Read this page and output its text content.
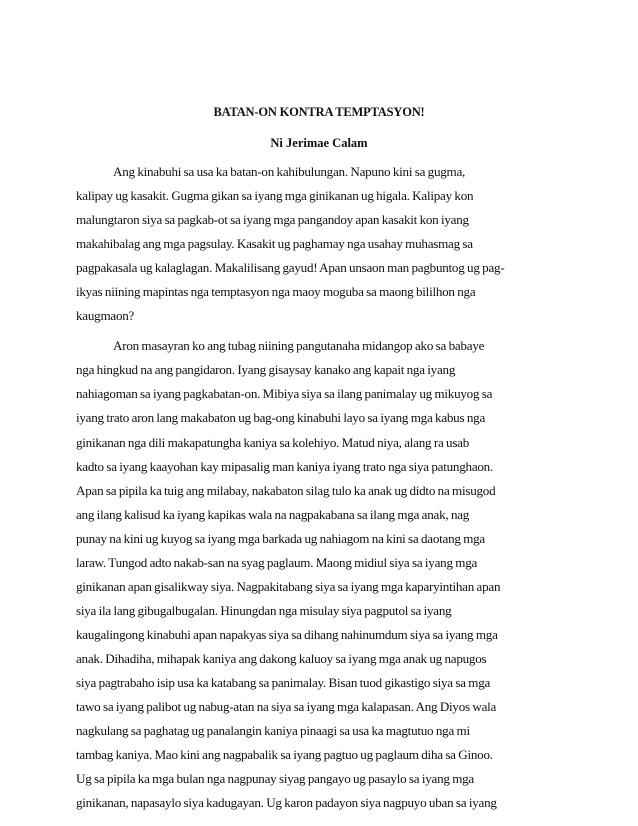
BATAN-ON KONTRA TEMPTASYON!
Ni Jerimae Calam
Ang kinabuhi sa usa ka batan-on kahibulungan. Napuno kini sa gugma,
kalipay ug kasakit. Gugma gikan sa iyang mga ginikanan ug higala. Kalipay kon
malungtaron siya sa pagkab-ot sa iyang mga pangandoy apan kasakit kon iyang
makahibalag ang mga pagsulay. Kasakit ug paghamay nga usahay muhasmag sa
pagpakasala ug kalaglagan. Makalilisang gayud! Apan unsaon man pagbuntog ug pag-
ikyas niining mapintas nga temptasyon nga maoy moguba sa maong bililhon nga
kaugmaon?
Aron masayran ko ang tubag niining pangutanaha midangop ako sa babaye
nga hingkud na ang pangidaron. Iyang gisaysay kanako ang kapait nga iyang
nahiagoman sa iyang pagkabatan-on. Mibiya siya sa ilang panimalay ug mikuyog sa
iyang trato aron lang makabaton ug bag-ong kinabuhi layo sa iyang mga kabus nga
ginikanan nga dili makapatungha kaniya sa kolehiyo. Matud niya, alang ra usab
kadto sa iyang kaayohan kay mipasalig man kaniya iyang trato nga siya patunghaon.
Apan sa pipila ka tuig ang milabay, nakabaton silag tulo ka anak ug didto na misugod
ang ilang kalisud ka iyang kapikas wala na nagpakabana sa ilang mga anak, nag
punay na kini ug kuyog sa iyang mga barkada ug nahiagom na kini sa daotang mga
laraw. Tungod adto nakab-san na syag paglaum. Maong midiul siya sa iyang mga
ginikanan apan gisalikway siya. Nagpakitabang siya sa iyang mga kaparyintihan apan
siya ila lang gibugalbugalan. Hinungdan nga misulay siya pagputol sa iyang
kaugalingong kinabuhi apan napakyas siya sa dihang nahinumdum siya sa iyang mga
anak. Dihadiha, mihapak kaniya ang dakong kaluoy sa iyang mga anak ug napugos
siya pagtrabaho isip usa ka katabang sa panimalay. Bisan tuod gikastigo siya sa mga
tawo sa iyang palibot ug nabug-atan na siya sa iyang mga kalapasan. Ang Diyos wala
nagkulang sa paghatag ug panalangin kaniya pinaagi sa usa ka magtutuo nga mi
tambag kaniya. Mao kini ang nagpabalik sa iyang pagtuo ug paglaum diha sa Ginoo.
Ug sa pipila ka mga bulan nga nagpunay siyag pangayo ug pasaylo sa iyang mga
ginikanan, napasaylo siya kadugayan. Ug karon padayon siya nagpuyo uban sa iyang
